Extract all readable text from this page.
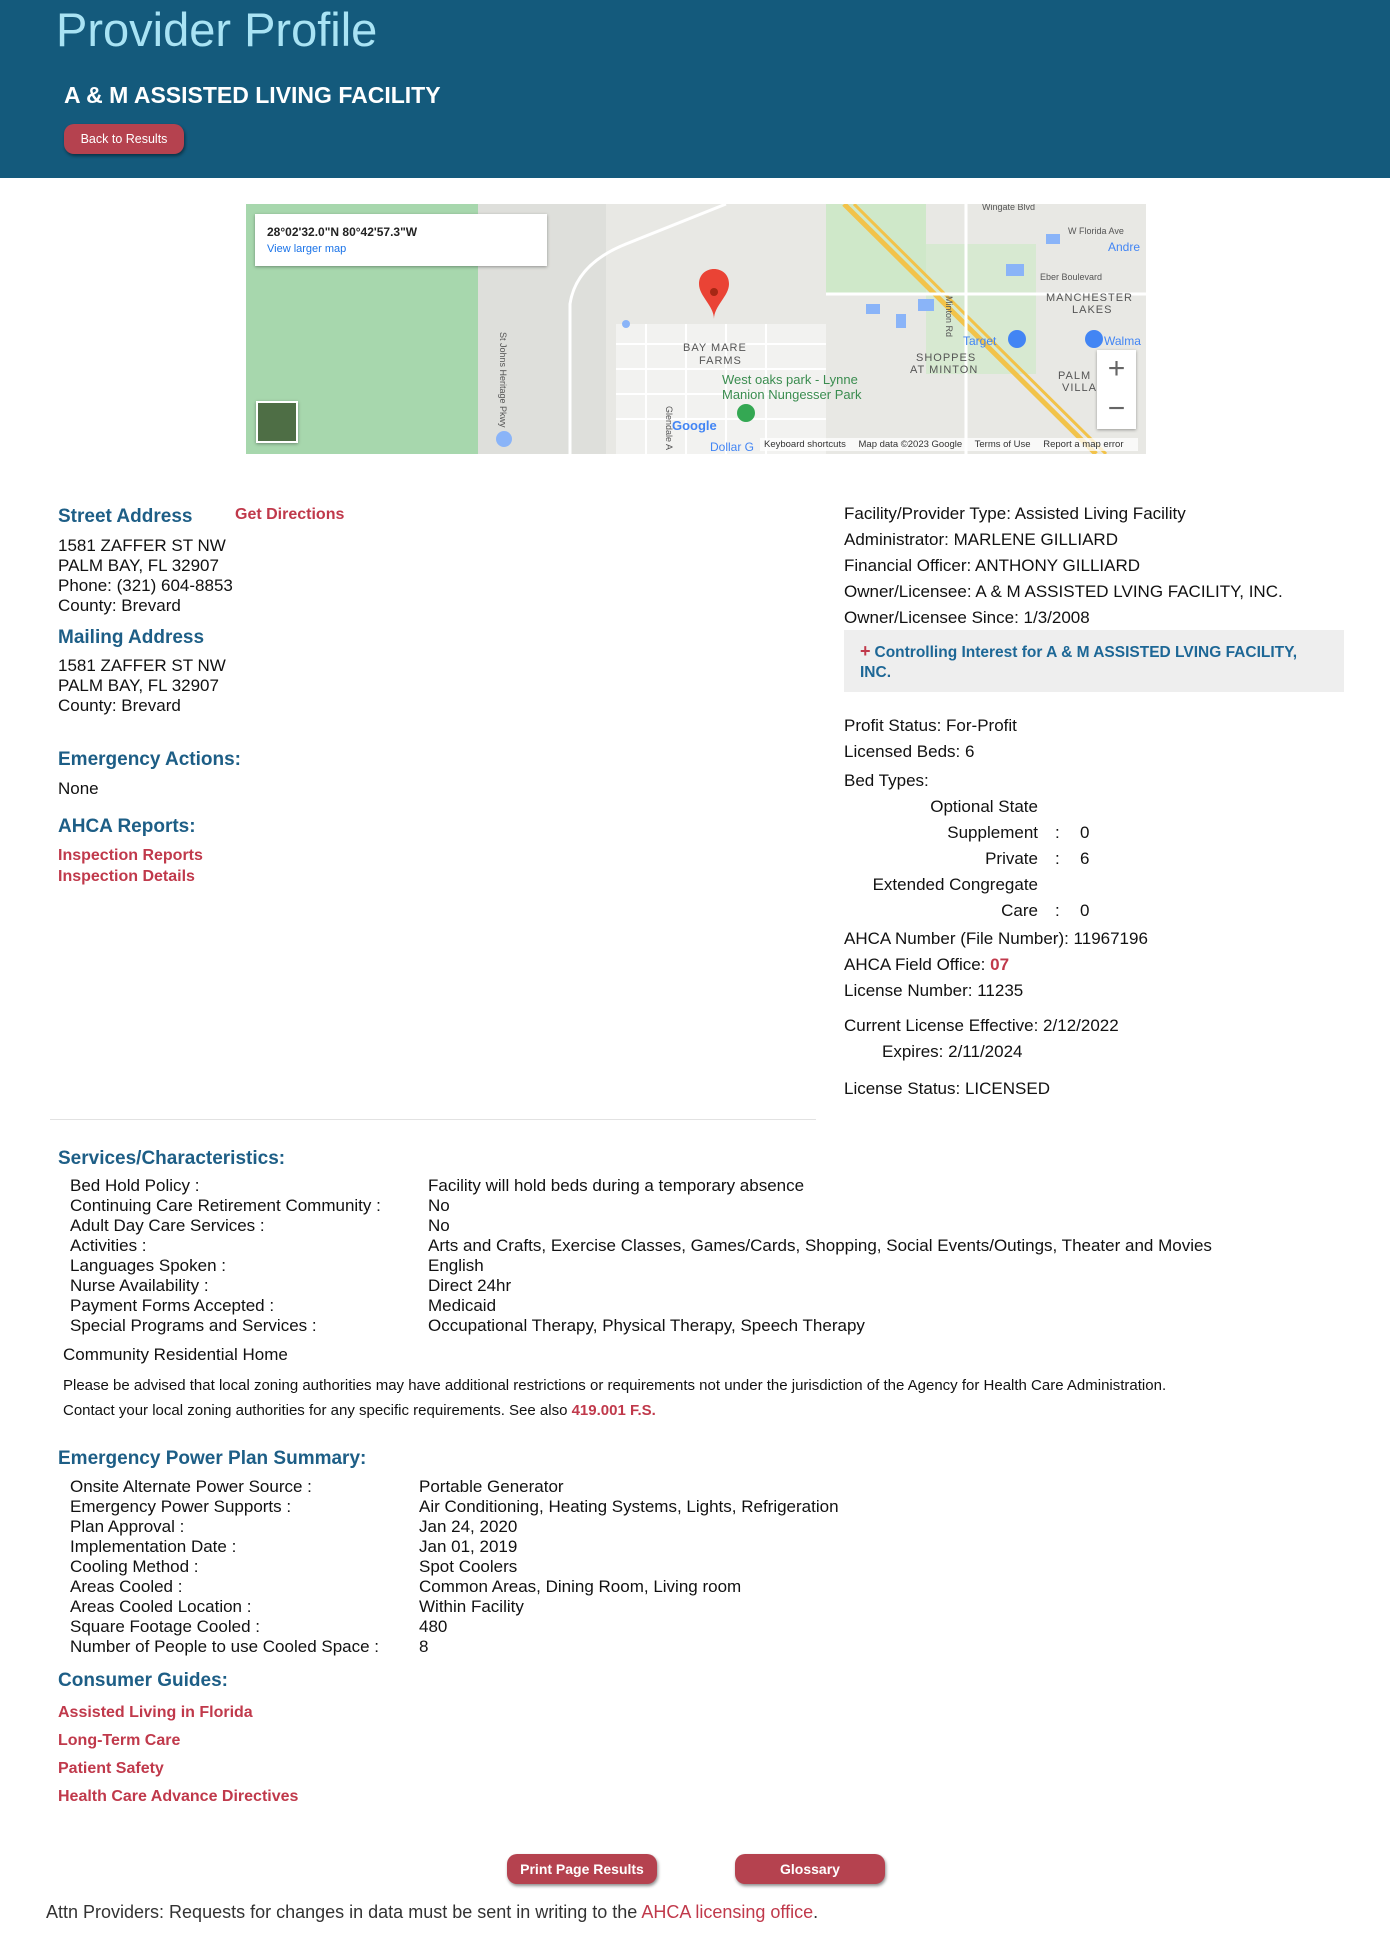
Provider Profile
A & M ASSISTED LIVING FACILITY
Back to Results
BAY MARE
FARMS
West oaks park - Lynne
Manion Nungesser Park
SHOPPES
AT MINTON
MANCHESTER
LAKES
Target	Walma
PALM
VILLA
Wingate Blvd
W Florida Ave
Andre
Eber Boulevard
St Johns Heritage Pkwy
Minton Rd
Glendale A	Dollar G
Google
28°02'32.0"N 80°42'57.3"W
View larger map
+
−
Keyboard shortcuts Map data ©2023 Google Terms of Use Report a map error
Street Address	Get Directions
1581 ZAFFER ST NW
PALM BAY, FL 32907
Phone: (321) 604-8853
County: Brevard
Mailing Address
1581 ZAFFER ST NW
PALM BAY, FL 32907
County: Brevard
Emergency Actions:
None
AHCA Reports:
Inspection Reports
Inspection Details
Facility/Provider Type: Assisted Living Facility
Administrator: MARLENE GILLIARD
Financial Officer: ANTHONY GILLIARD
Owner/Licensee: A & M ASSISTED LVING FACILITY, INC.
Owner/Licensee Since: 1/3/2008
+ Controlling Interest for A & M ASSISTED LVING FACILITY, INC.
Profit Status: For-Profit
Licensed Beds: 6
Bed Types:
Optional State
Supplement : 0
Private : 6
Extended Congregate
Care : 0
AHCA Number (File Number): 11967196
AHCA Field Office: 07
License Number: 11235
Current License Effective: 2/12/2022
Expires: 2/11/2024
License Status: LICENSED
Services/Characteristics:
Bed Hold Policy :	Facility will hold beds during a temporary absence
Continuing Care Retirement Community :	No
Adult Day Care Services :	No
Activities :	Arts and Crafts, Exercise Classes, Games/Cards, Shopping, Social Events/Outings, Theater and Movies
Languages Spoken :	English
Nurse Availability :	Direct 24hr
Payment Forms Accepted :	Medicaid
Special Programs and Services :	Occupational Therapy, Physical Therapy, Speech Therapy
Community Residential Home
Please be advised that local zoning authorities may have additional restrictions or requirements not under the jurisdiction of the Agency for Health Care Administration.
Contact your local zoning authorities for any specific requirements. See also 419.001 F.S.
Emergency Power Plan Summary:
Onsite Alternate Power Source :	Portable Generator
Emergency Power Supports :	Air Conditioning, Heating Systems, Lights, Refrigeration
Plan Approval :	Jan 24, 2020
Implementation Date :	Jan 01, 2019
Cooling Method :	Spot Coolers
Areas Cooled :	Common Areas, Dining Room, Living room
Areas Cooled Location :	Within Facility
Square Footage Cooled :	480
Number of People to use Cooled Space : 8
Consumer Guides:
Assisted Living in Florida
Long-Term Care
Patient Safety
Health Care Advance Directives
Print Page Results	Glossary
Attn Providers: Requests for changes in data must be sent in writing to the AHCA licensing office.
